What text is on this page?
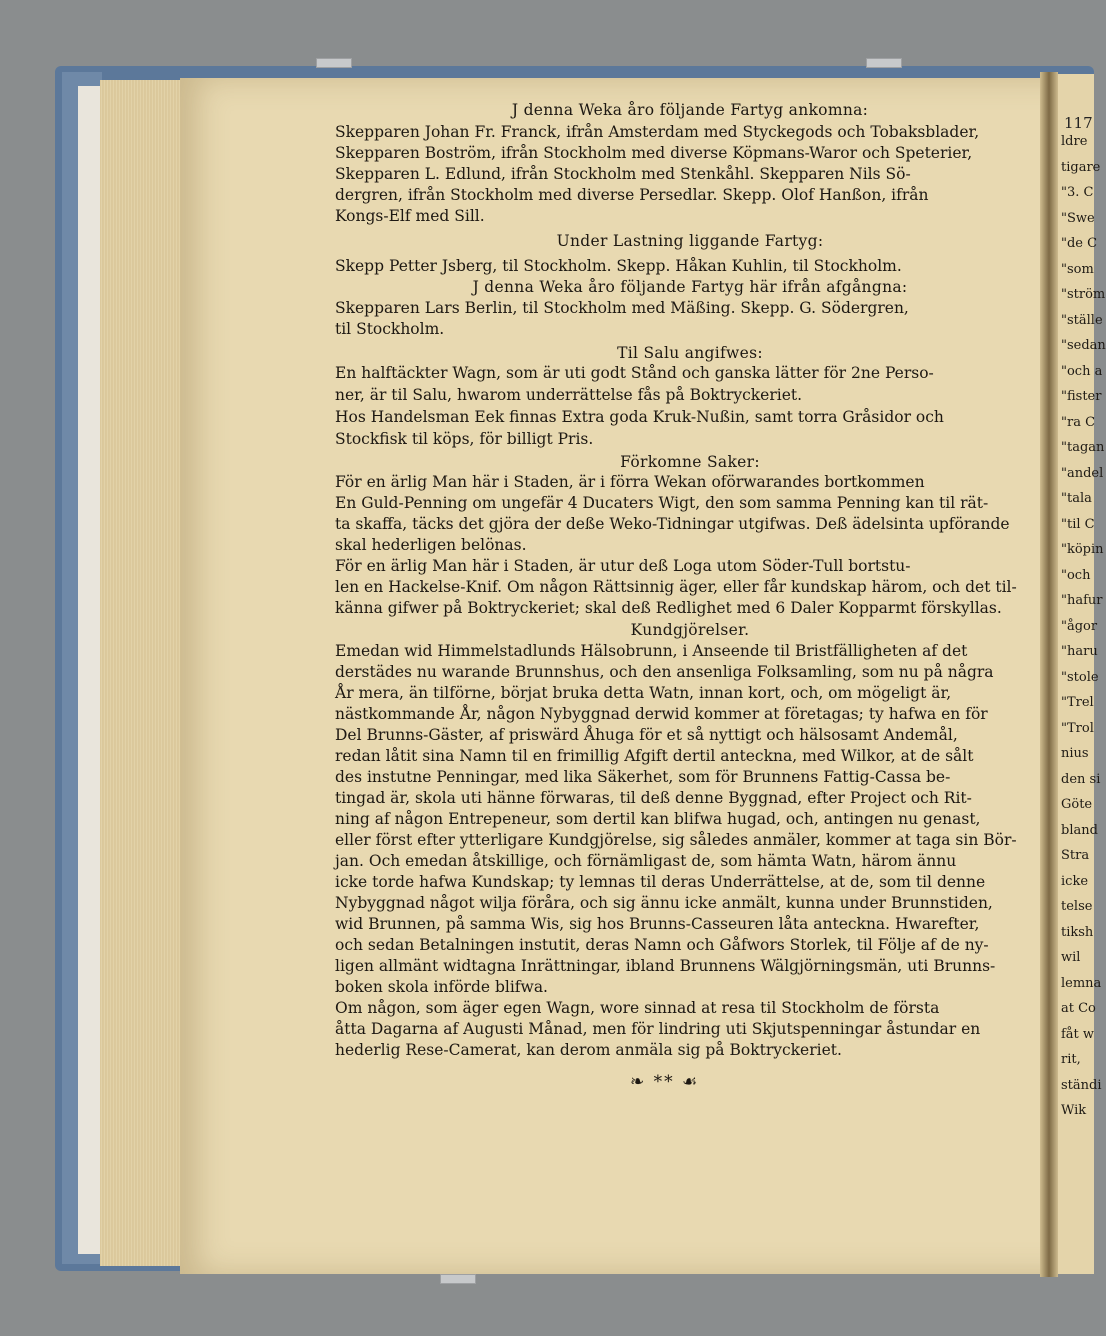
117
ldre
tigare
"3. C
"Swe
"de C
"som
"ström
"ställe
"sedan
"och a
"fister
"ra C
"tagan
"andel
"tala
"til C
"köpin
"och
"hafur
"ågor
"haru
"stole
"Trel
"Trol
nius
den si
Göte
bland
Stra
icke
telse
tiksh
wil
lemna
at Co
fåt w
rit,
ständi
Wik
J denna Weka åro följande Fartyg ankomna:
Skepparen Johan Fr. Franck, ifrån Amsterdam med Styckegods och Tobaksblader,
Skepparen Boström, ifrån Stockholm med diverse Köpmans-Waror och Speterier,
Skepparen L. Edlund, ifrån Stockholm med Stenkåhl. Skepparen Nils Sö-
dergren, ifrån Stockholm med diverse Persedlar. Skepp. Olof Hanßon, ifrån
Kongs-Elf med Sill.
Under Lastning liggande Fartyg:
Skepp Petter Jsberg, til Stockholm. Skepp. Håkan Kuhlin, til Stockholm.
J denna Weka åro följande Fartyg här ifrån afgångna:
Skepparen Lars Berlin, til Stockholm med Mäßing. Skepp. G. Södergren,
til Stockholm.
Til Salu angifwes:
En halftäckter Wagn, som är uti godt Stånd och ganska lätter för 2ne Perso-
ner, är til Salu, hwarom underrättelse fås på Boktryckeriet.
Hos Handelsman Eek finnas Extra goda Kruk-Nußin, samt torra Gråsidor och
Stockfisk til köps, för billigt Pris.
Förkomne Saker:
För en ärlig Man här i Staden, är i förra Wekan oförwarandes bortkommen
En Guld-Penning om ungefär 4 Ducaters Wigt, den som samma Penning kan til rät-
ta skaffa, täcks det gjöra der deße Weko-Tidningar utgifwas. Deß ädelsinta upförande
skal hederligen belönas.
För en ärlig Man här i Staden, är utur deß Loga utom Söder-Tull bortstu-
len en Hackelse-Knif. Om någon Rättsinnig äger, eller får kundskap härom, och det til-
känna gifwer på Boktryckeriet; skal deß Redlighet med 6 Daler Kopparmt förskyllas.
Kundgjörelser.
Emedan wid Himmelstadlunds Hälsobrunn, i Anseende til Bristfälligheten af det
derstädes nu warande Brunnshus, och den ansenliga Folksamling, som nu på några
År mera, än tilförne, börjat bruka detta Watn, innan kort, och, om mögeligt är,
nästkommande År, någon Nybyggnad derwid kommer at företagas; ty hafwa en för
Del Brunns-Gäster, af priswärd Åhuga för et så nyttigt och hälsosamt Andemål,
redan låtit sina Namn til en frimillig Afgift dertil anteckna, med Wilkor, at de sålt
des instutne Penningar, med lika Säkerhet, som för Brunnens Fattig-Cassa be-
tingad är, skola uti hänne förwaras, til deß denne Byggnad, efter Project och Rit-
ning af någon Entrepeneur, som dertil kan blifwa hugad, och, antingen nu genast,
eller först efter ytterligare Kundgjörelse, sig således anmäler, kommer at taga sin Bör-
jan. Och emedan åtskillige, och förnämligast de, som hämta Watn, härom ännu
icke torde hafwa Kundskap; ty lemnas til deras Underrättelse, at de, som til denne
Nybyggnad något wilja föråra, och sig ännu icke anmält, kunna under Brunnstiden,
wid Brunnen, på samma Wis, sig hos Brunns-Casseuren låta anteckna. Hwarefter,
och sedan Betalningen instutit, deras Namn och Gåfwors Storlek, til Följe af de ny-
ligen allmänt widtagna Inrättningar, ibland Brunnens Wälgjörningsmän, uti Brunns-
boken skola införde blifwa.
Om någon, som äger egen Wagn, wore sinnad at resa til Stockholm de första
åtta Dagarna af Augusti Månad, men för lindring uti Skjutspenningar åstundar en
hederlig Rese-Camerat, kan derom anmäla sig på Boktryckeriet.
❧ ** ☙
